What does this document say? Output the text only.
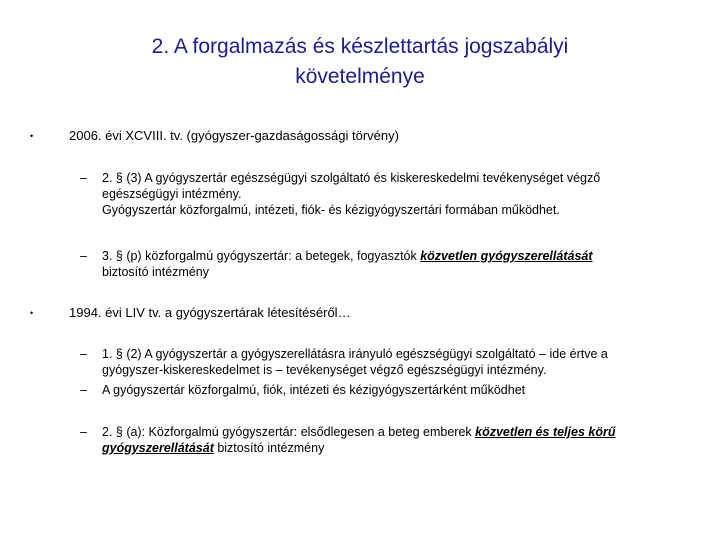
2. A forgalmazás és készlettartás jogszabályi
követelménye
•	2006. évi XCVIII. tv. (gyógyszer-gazdaságossági törvény)
– 2. § (3) A gyógyszertár egészségügyi szolgáltató és kiskereskedelmi tevékenységet végző
egészségügyi intézmény.
Gyógyszertár közforgalmú, intézeti, fiók- és kézigyógyszertári formában működhet.
– 3. § (p) közforgalmú gyógyszertár: a betegek, fogyasztók közvetlen gyógyszerellátását
biztosító intézmény
•	1994. évi LIV tv. a gyógyszertárak létesítéséről…
– 1. § (2) A gyógyszertár a gyógyszerellátásra irányuló egészségügyi szolgáltató – ide értve a
gyógyszer-kiskereskedelmet is – tevékenységet végző egészségügyi intézmény.
– A gyógyszertár közforgalmú, fiók, intézeti és kézigyógyszertárként működhet
– 2. § (a): Közforgalmú gyógyszertár: elsődlegesen a beteg emberek közvetlen és teljes körű
gyógyszerellátását biztosító intézmény
